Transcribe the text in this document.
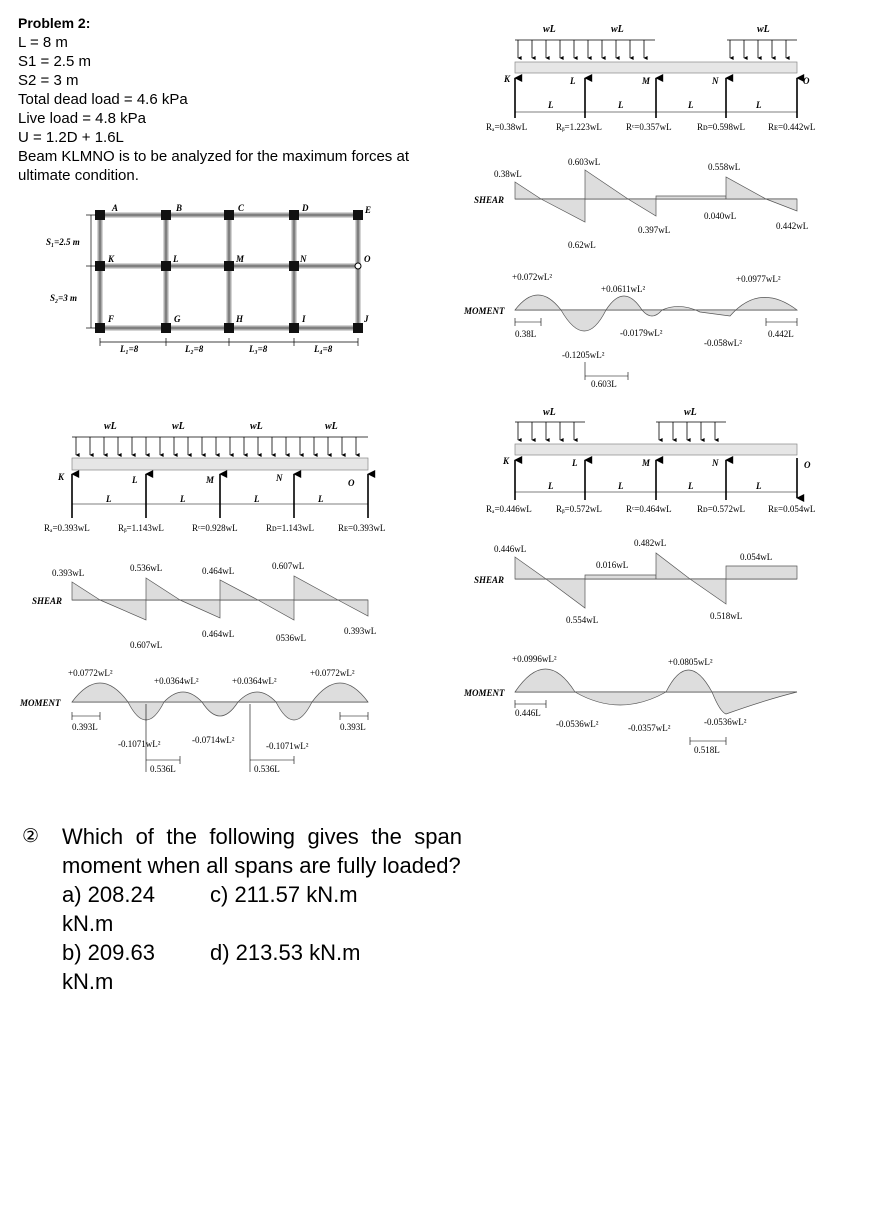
Problem 2:
L = 8 m
S1 = 2.5 m
S2 = 3 m
Total dead load = 4.6 kPa
Live load = 4.8 kPa
U = 1.2D + 1.6L
Beam KLMNO is to be analyzed for the maximum forces at ultimate condition.
A	B	C	D	E
K	L	M	N	O
F	G	H	I	J
S₁=2.5 m
S₂=3 m
L₁=8	L₂=8	L₃=8	L₄=8
wL	wL	wL	wL
K	L	M	N	O
L	L	L	L
Rₐ=0.393wL	Rᵦ=1.143wL	Rᶜ=0.928wL	Rᴅ=1.143wL	Rᴇ=0.393wL
SHEAR
0.393wL	0.536wL	0.464wL	0.607wL
0.607wL
0.464wL	0536wL
0.393wL
MOMENT
+0.0772wL²
+0.0364wL²	+0.0364wL²
+0.0772wL²
-0.1071wL²	-0.0714wL²
-0.1071wL²
0.393L	0.393L
0.536L	0.536L
wL	wL	wL
K	L	M	N	O
L	L	L	L
Rₐ=0.38wL	Rᵦ=1.223wL	Rᶜ=0.357wL	Rᴅ=0.598wL	Rᴇ=0.442wL
SHEAR
0.38wL
0.603wL	0.558wL
0.040wL
0.397wL	0.442wL
0.62wL
MOMENT
+0.072wL²
+0.0611wL²
+0.0977wL²
-0.0179wL²
-0.1205wL²
-0.058wL²
0.38L
0.603L
0.442L
wL	wL
K	L	M	N	O
L	L	L	L
Rₐ=0.446wL	Rᵦ=0.572wL	Rᶜ=0.464wL	Rᴅ=0.572wL	Rᴇ=0.054wL
SHEAR
0.446wL
0.016wL
0.482wL
0.054wL
0.554wL	0.518wL
MOMENT
+0.0996wL²	+0.0805wL²
-0.0536wL²	-0.0357wL²
-0.0536wL²
0.446L
0.518L
②	Which of the following gives the span moment when all spans are fully loaded?
a) 208.24 kN.m
c) 211.57 kN.m
b) 209.63 kN.m
d) 213.53 kN.m
